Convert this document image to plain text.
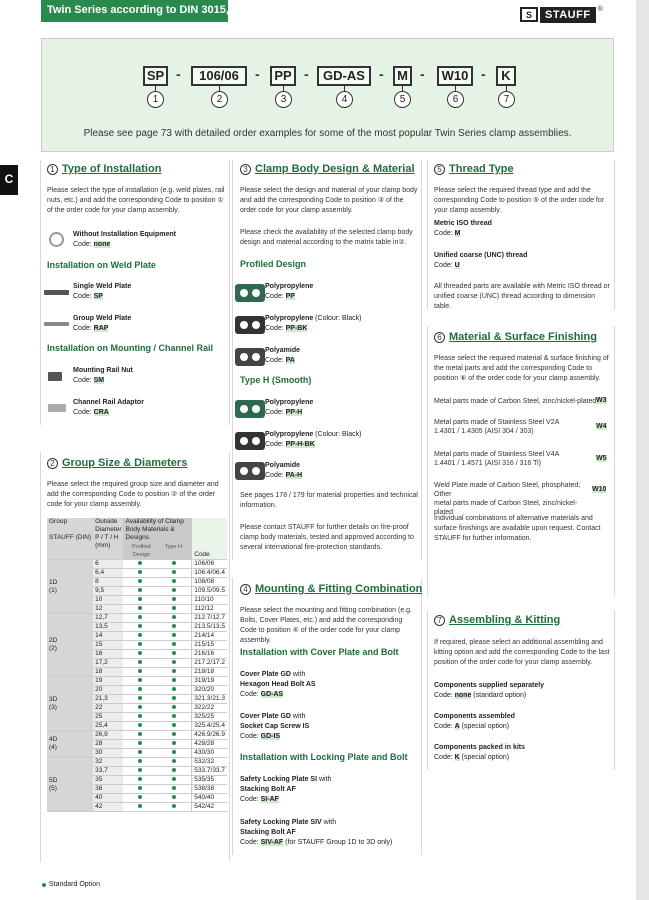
Twin Series according to DIN 3015, Part 3	S	STAUFF	®
C
SP -	106/06	-	PP -	GD-AS	-	M -	W10 -	K
1	2	3	4	5	6	7
Please see page 73 with detailed order examples for some of the most popular Twin Series clamp assemblies.
1 Type of Installation
Please select the type of installation (e.g. weld plates, rail nuts, etc.) and add the corresponding Code to position ① of the order code for your clamp assembly.
Without Installation Equipment
Code: none
Installation on Weld Plate
Single Weld Plate
Code: SP
Group Weld Plate
Code: RAP
Installation on Mounting / Channel Rail
Mounting Rail Nut
Code: SM
Channel Rail Adaptor
Code: CRA
2 Group Size & Diameters
Please select the required group size and diameter and add the corresponding Code to position ② of the order code for your clamp assembly.
Group

STAUFF (DIN)	Outside Diameter P / T / H (mm)	Availability of Clamp Body Materials & Designs
Profiled Design
Type H		Code
1D
(1)	6			106/06
	6,4			106.4/06.4
	8			108/08
	9,5			109.5/09.5
	10			110/10
	12			112/12
2D
(2)	12,7			212.7/12.7
	13,5			213.5/13.5
	14			214/14
	15			215/15
	16			216/16
	17,2			217.2/17.2
	18			218/18
3D
(3)	19			319/19
	20			320/20
	21,3			321.3/21.3
	22			322/22
	25			325/25
	25,4			325.4/25.4
4D
(4)	26,9			426.9/26.9
	28			428/28
	30			430/30
5D
(5)	32			532/32
	33,7			533.7/33.7
	35			535/35
	38			538/38
	40			540/40
	42			542/42
3 Clamp Body Design & Material
Please select the design and material of your clamp body and add the corresponding Code to position ③ of the order code for your clamp assembly.
Please check the availability of the selected clamp body design and material according to the matrix table in②.
Profiled Design
Polypropylene
Code: PP
Polypropylene (Colour: Black)
Code: PP-BK
Polyamide
Code: PA
Type H (Smooth)
Polypropylene
Code: PP-H
Polypropylene (Colour: Black)
Code: PP-H-BK
Polyamide
Code: PA-H
See pages 178 / 179 for material properties and technical information.
Please contact STAUFF for further details on fire-proof clamp body materials, tested and approved according to several international fire-protection standards.
4 Mounting & Fitting Combination
Please select the mounting and fitting combination (e.g. Bolts, Cover Plates, etc.) and add the corresponding Code to position ④ of the order code for your clamp assembly.
Installation with Cover Plate and Bolt
Cover Plate GD with
Hexagon Head Bolt AS
Code: GD-AS
Cover Plate GD with
Socket Cap Screw IS
Code: GD-IS
Installation with Locking Plate and Bolt
Safety Locking Plate SI with
Stacking Bolt AF
Code: SI-AF
Safety Locking Plate SIV with
Stacking Bolt AF
Code: SIV-AF (for STAUFF Group 1D to 3D only)
5 Thread Type
Please select the required thread type and add the corresponding Code to position ⑤ of the order code for your clamp assembly.
Metric ISO thread
Code: M
Unified coarse (UNC) thread
Code: U
All threaded parts are available with Metric ISO thread or unified coarse (UNC) thread according to dimension table.
6 Material & Surface Finishing
Please select the required material & surface finishing of the metal parts and add the corresponding Code to position ⑥ of the order code for your clamp assembly.
Metal parts made of Carbon Steel, zinc/nickel-plated W3
Metal parts made of Stainless Steel V2A
1.4301 / 1.4305 (AISI 304 / 303)
W4
Metal parts made of Stainless Steel V4A
1.4401 / 1.4571 (AISI 316 / 316 Ti)
W5
Weld Plate made of Carbon Steel, phosphated; Other
metal parts made of Carbon Steel, zinc/nickel-plated
W10
Individual combinations of alternative materials and surface finishings are available upon request. Contact STAUFF for further information.
7 Assembling & Kitting
If required, please select an additional assembling and kitting option and add the corresponding Code to the last position of the order code for your clamp assembly.
Components supplied separately
Code: none (standard option)
Components assembled
Code: A (special option)
Components packed in kits
Code: K (special option)
Standard Option
